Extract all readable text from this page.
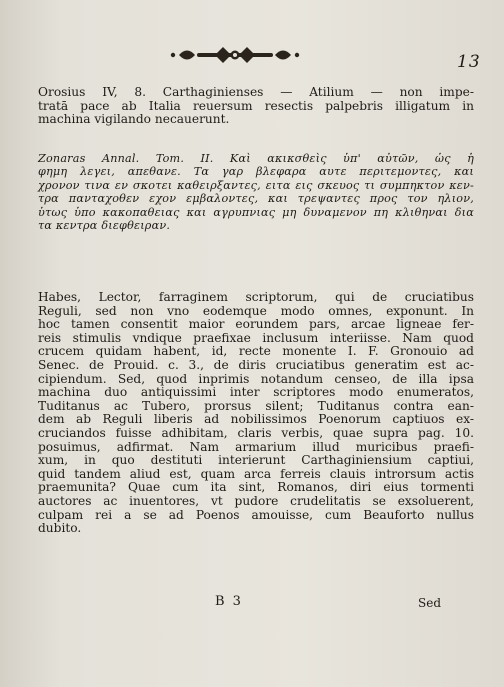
13
Orosius IV, 8. Carthaginienses — Atilium — non impe-
tratā pace ab Italia reuersum resectis palpebris illigatum in
machina vigilando necauerunt.
Zonaras Annal. Tom. II. Καὶ ακικσθεὶς ὑπ' αὐτῶν, ὡς ἡ
φημη λεγει, απεθανε. Τα γαρ βλεφαρα αυτε περιτεμοντες, και
χρονον τινα εν σκοτει καθειρξαντες, ειτα εις σκευος τι συμπηκτον κεν-
τρα πανταχοθεν εχον εμβαλοντες, και τρεψαντες προς τον ηλιον,
ὑτως ὑπο κακοπαθειας και αγρυπνιας μη δυναμενον πη κλιθηναι δια
τα κεντρα διεφθειραν.
Habes, Lector, farraginem scriptorum, qui de cruciatibus
Reguli, sed non vno eodemque modo omnes, exponunt. In
hoc tamen consentit maior eorundem pars, arcae ligneae fer-
reis stimulis vndique praefixae inclusum interiisse. Nam quod
crucem quidam habent, id, recte monente I. F. Gronouio ad
Senec. de Prouid. c. 3., de diris cruciatibus generatim est ac-
cipiendum. Sed, quod inprimis notandum censeo, de illa ipsa
machina duo antiquissimi inter scriptores modo enumeratos,
Tuditanus ac Tubero, prorsus silent; Tuditanus contra ean-
dem ab Reguli liberis ad nobilissimos Poenorum captiuos ex-
cruciandos fuisse adhibitam, claris verbis, quae supra pag. 10.
posuimus, adfirmat. Nam armarium illud muricibus praefi-
xum, in quo destituti interierunt Carthaginiensium captiui,
quid tandem aliud est, quam arca ferreis clauis introrsum actis
praemunita? Quae cum ita sint, Romanos, diri eius tormenti
auctores ac inuentores, vt pudore crudelitatis se exsoluerent,
culpam rei a se ad Poenos amouisse, cum Beauforto nullus
dubito.
B 3	Sed
